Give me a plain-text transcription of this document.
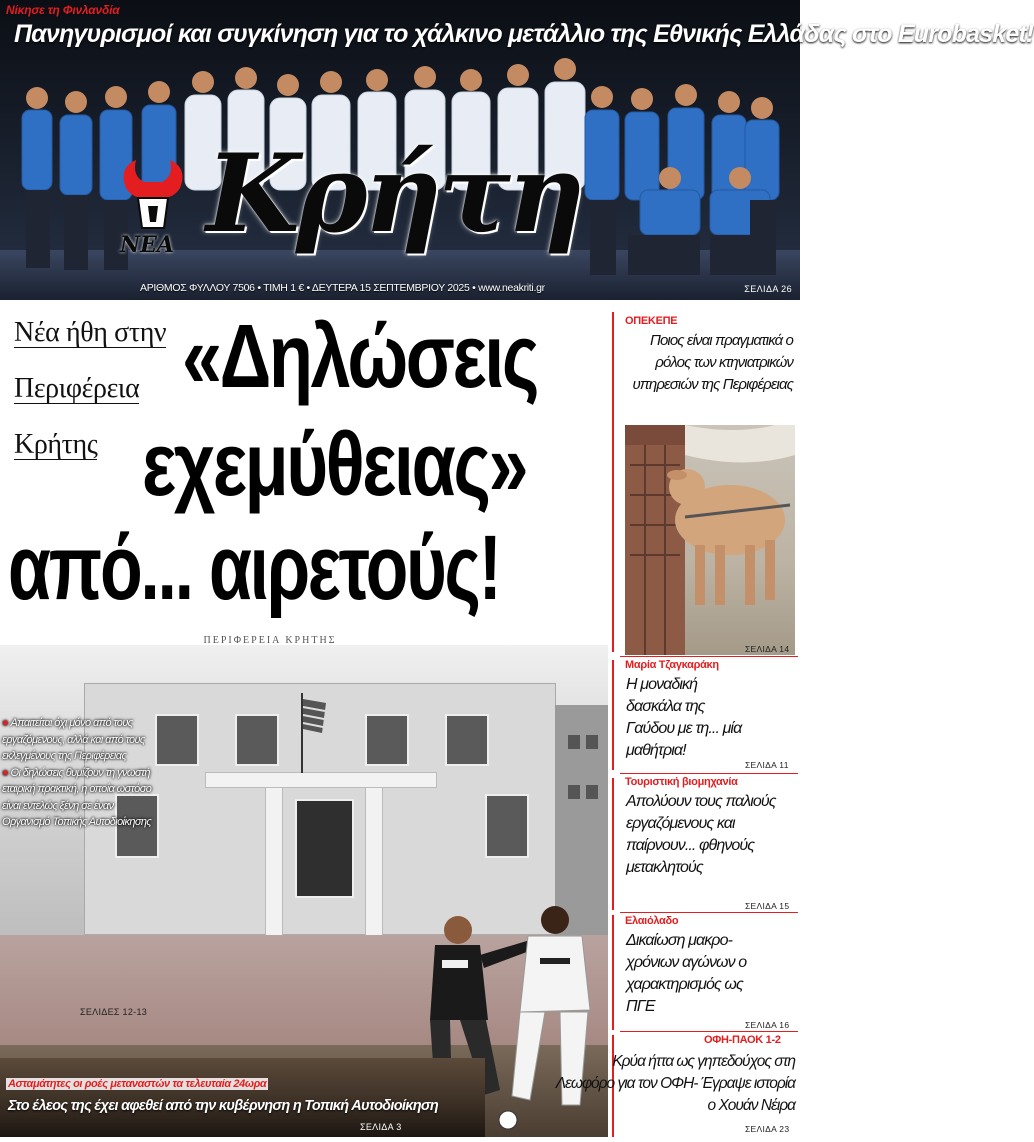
Νίκησε τη Φινλανδία
Πανηγυρισμοί και συγκίνηση για το χάλκινο μετάλλιο της Εθνικής Ελλάδας στο Eurobasket!
ΝΕΑ Κρήτη
ΑΡΙΘΜΟΣ ΦΥΛΛΟΥ 7506 • ΤΙΜΗ 1 € • ΔΕΥΤΕΡΑ 15 ΣΕΠΤΕΜΒΡΙΟΥ 2025 • www.neakriti.gr	ΣΕΛΙΔΑ 26
Νέα ήθη στην
Περιφέρεια
Κρήτης
«Δηλώσεις
εχεμύθειας»
από... αιρετούς!
ΠΕΡΙΦΕΡΕΙΑ ΚΡΗΤΗΣ
● Απαιτείται όχι μόνο από τους εργαζόμενους, αλλά και από τους εκλεγμένους της Περιφέρειας
● Οι δηλώσεις θυμίζουν τη γνωστή εταιρική πρακτική, η οποία ωστόσο είναι εντελώς ξένη σε έναν Οργανισμό Τοπικής Αυτοδιοίκησης
ΣΕΛΙΔΕΣ 12-13
Ασταμάτητες οι ροές μεταναστών τα τελευταία 24ωρα
Στο έλεος της έχει αφεθεί από την κυβέρνηση η Τοπική Αυτοδιοίκηση
ΣΕΛΙΔΑ 3
ΟΠΕΚΕΠΕ
Ποιος είναι πραγματικά ο ρόλος των κτηνιατρικών υπηρεσιών της Περιφέρειας
ΣΕΛΙΔΑ 14
Μαρία Τζαγκαράκη
Η μοναδική δασκάλα της Γαύδου με τη... μία μαθήτρια!
ΣΕΛΙΔΑ 11
Τουριστική βιομηχανία
Απολύουν τους παλιούς εργαζόμενους και παίρνουν... φθηνούς μετακλητούς
ΣΕΛΙΔΑ 15
Ελαιόλαδο
Δικαίωση μακρο-χρόνιων αγώνων ο χαρακτηρισμός ως ΠΓΕ
ΣΕΛΙΔΑ 16
ΟΦΗ-ΠΑΟΚ 1-2
Κρύα ήττα ως γηπεδούχος στη Λεωφόρο για τον ΟΦΗ- Έγραψε ιστορία ο Χουάν Νέιρα
ΣΕΛΙΔΑ 23
